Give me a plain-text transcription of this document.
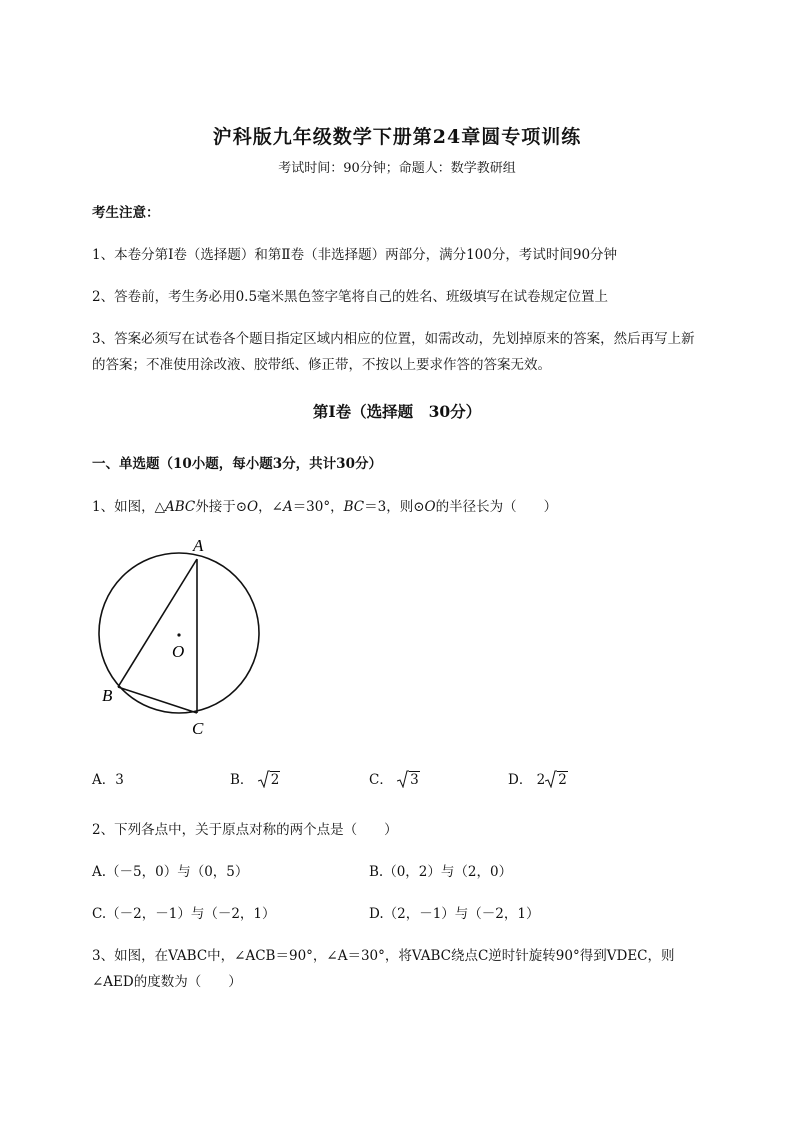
沪科版九年级数学下册第24章圆专项训练
考试时间：90分钟；命题人：数学教研组
考生注意：
1、本卷分第I卷（选择题）和第Ⅱ卷（非选择题）两部分，满分100分，考试时间90分钟
2、答卷前，考生务必用0.5毫米黑色签字笔将自己的姓名、班级填写在试卷规定位置上
3、答案必须写在试卷各个题目指定区域内相应的位置，如需改动，先划掉原来的答案，然后再写上新
的答案；不准使用涂改液、胶带纸、修正带，不按以上要求作答的答案无效。
第I卷（选择题　30分）
一、单选题（10小题，每小题3分，共计30分）
1、如图，△ABC外接于⊙O，∠A＝30°，BC＝3，则⊙O的半径长为（　　）
A
B
C
O
A．3	B． 2	C． 3	D． 2 2
2、下列各点中，关于原点对称的两个点是（　　）
A.（－5，0）与（0，5）	B.（0，2）与（2，0）
C.（－2，－1）与（－2，1）	D.（2，－1）与（－2，1）
3、如图，在VABC中，∠ACB＝90°，∠A＝30°，将VABC绕点C逆时针旋转90°得到VDEC，则
∠AED的度数为（　　）
